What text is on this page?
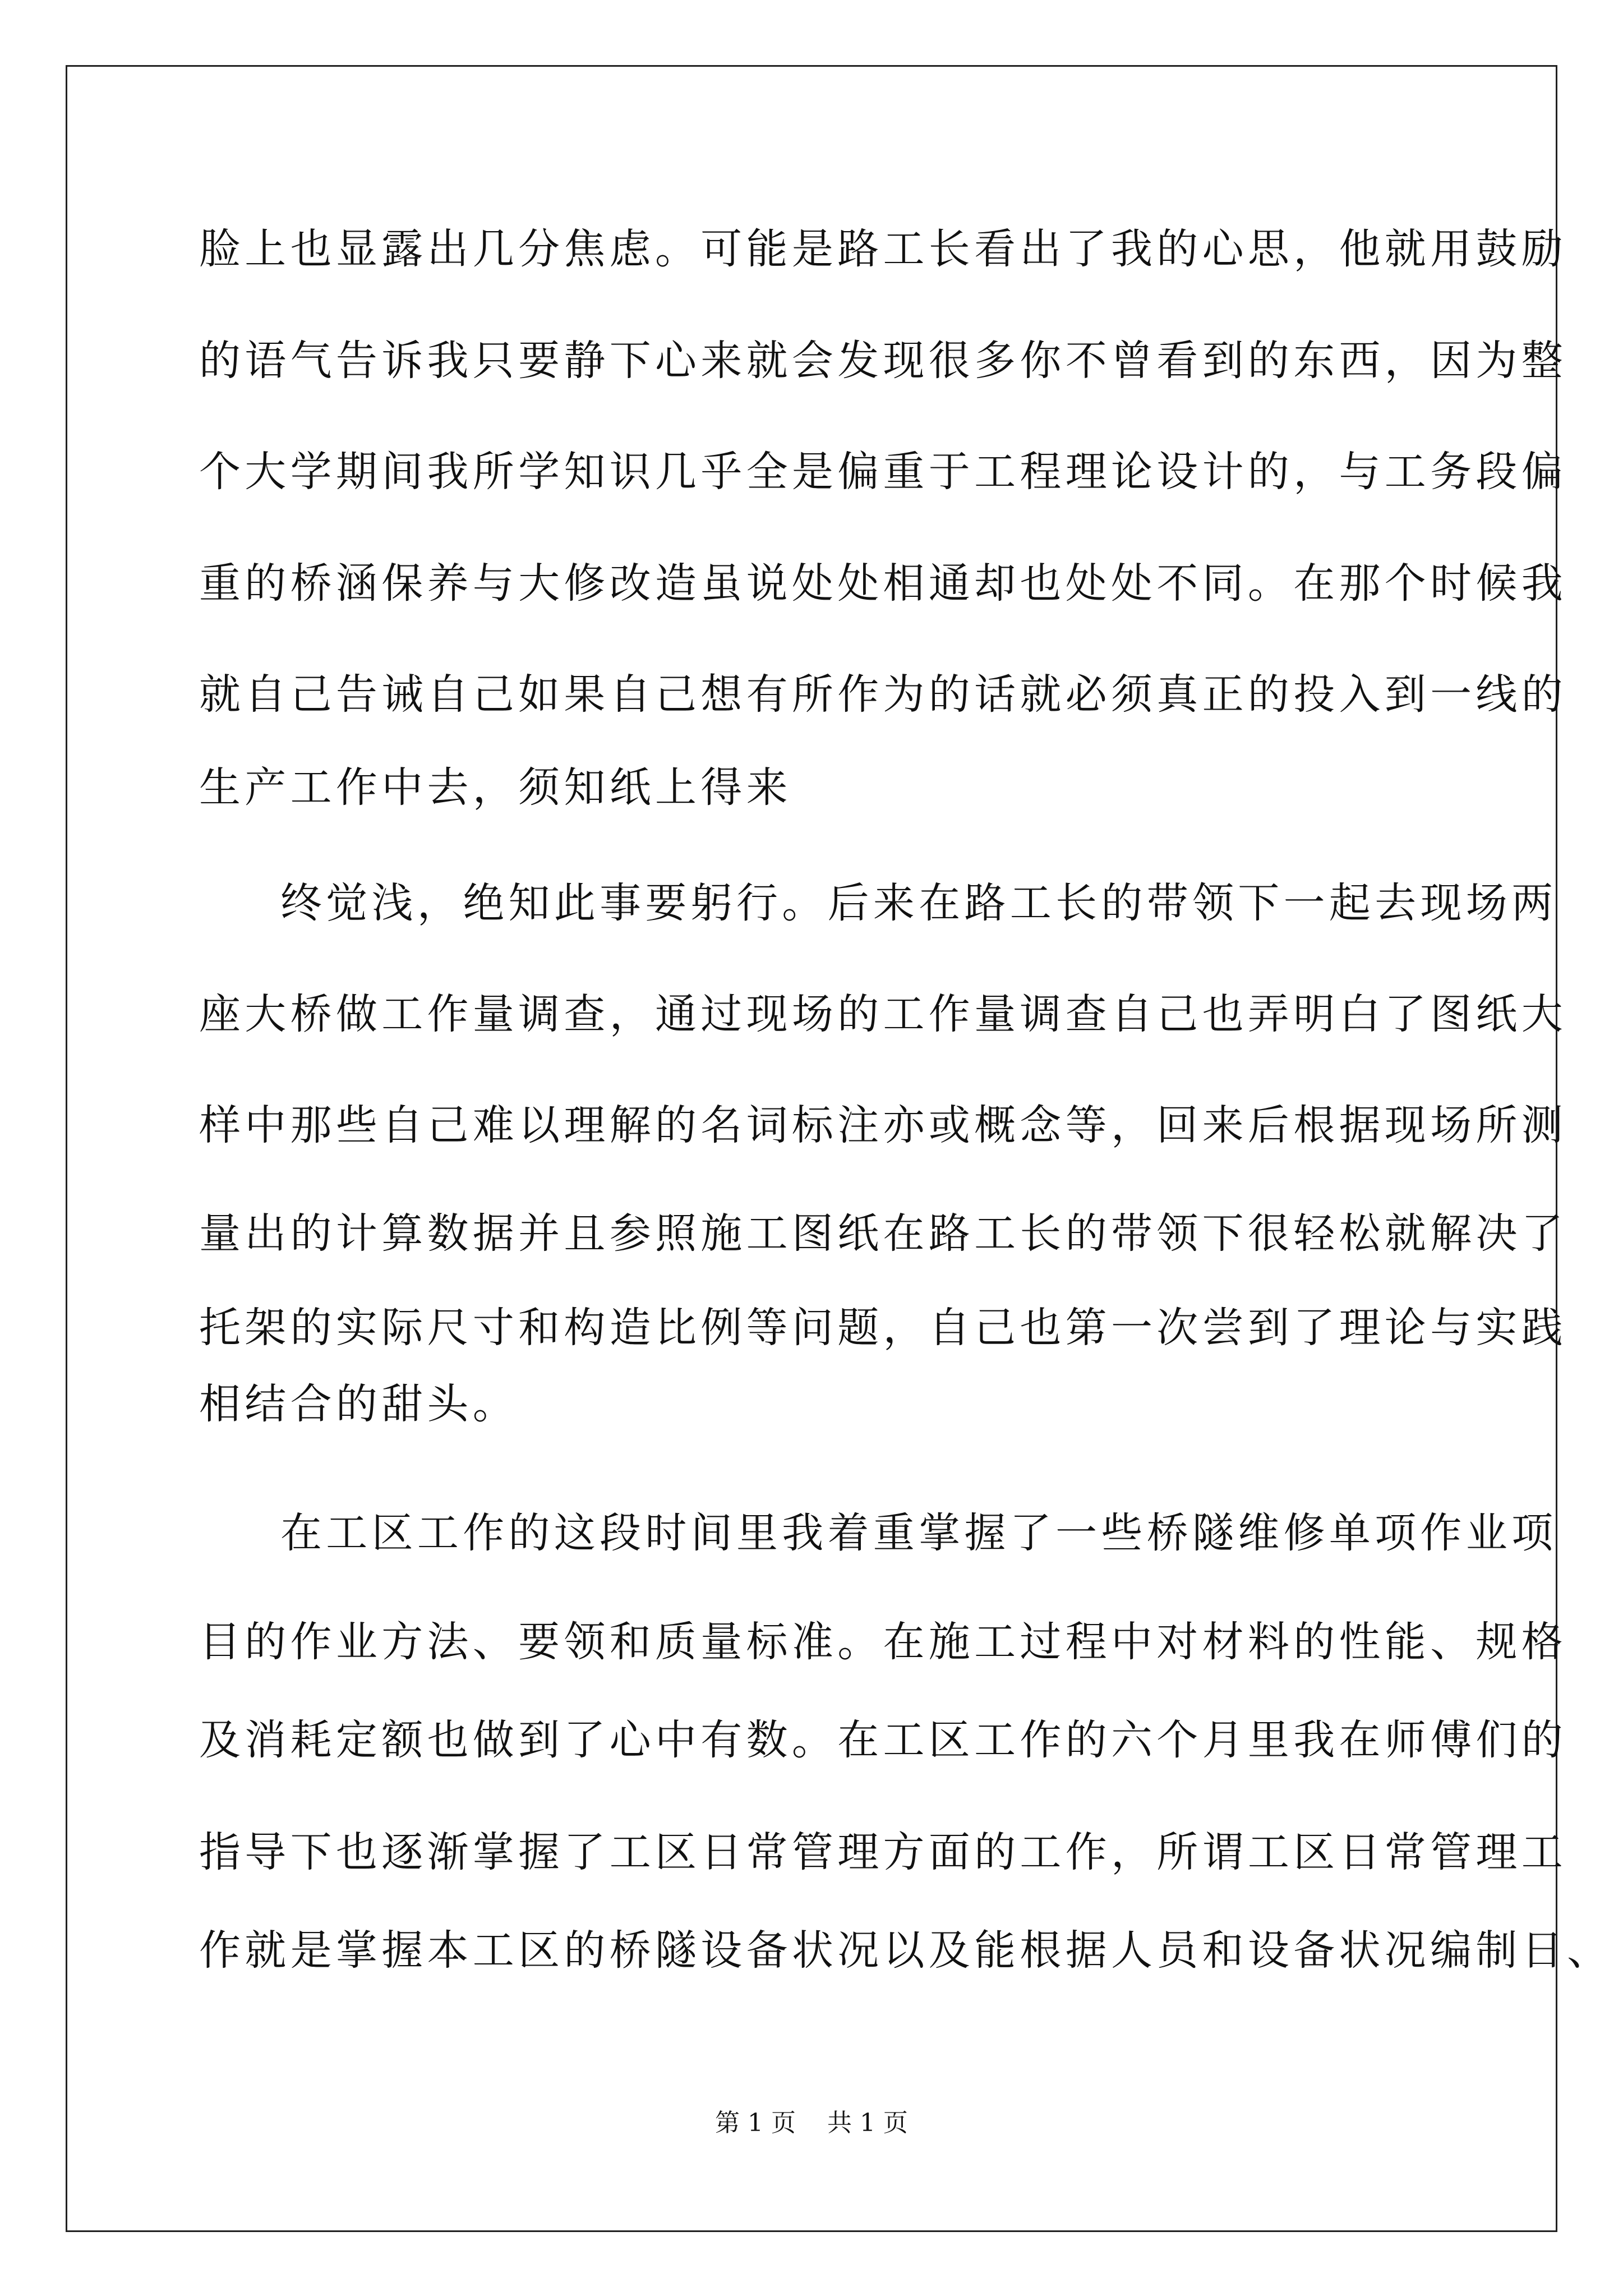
脸上也显露出几分焦虑。可能是路工长看出了我的心思，他就用鼓励
的语气告诉我只要静下心来就会发现很多你不曾看到的东西，因为整
个大学期间我所学知识几乎全是偏重于工程理论设计的，与工务段偏
重的桥涵保养与大修改造虽说处处相通却也处处不同。在那个时候我
就自己告诫自己如果自己想有所作为的话就必须真正的投入到一线的
生产工作中去，须知纸上得来
终觉浅，绝知此事要躬行。后来在路工长的带领下一起去现场两
座大桥做工作量调查，通过现场的工作量调查自己也弄明白了图纸大
样中那些自己难以理解的名词标注亦或概念等，回来后根据现场所测
量出的计算数据并且参照施工图纸在路工长的带领下很轻松就解决了
托架的实际尺寸和构造比例等问题，自己也第一次尝到了理论与实践
相结合的甜头。
在工区工作的这段时间里我着重掌握了一些桥隧维修单项作业项
目的作业方法、要领和质量标准。在施工过程中对材料的性能、规格
及消耗定额也做到了心中有数。在工区工作的六个月里我在师傅们的
指导下也逐渐掌握了工区日常管理方面的工作，所谓工区日常管理工
作就是掌握本工区的桥隧设备状况以及能根据人员和设备状况编制日、
第 1 页    共 1 页
